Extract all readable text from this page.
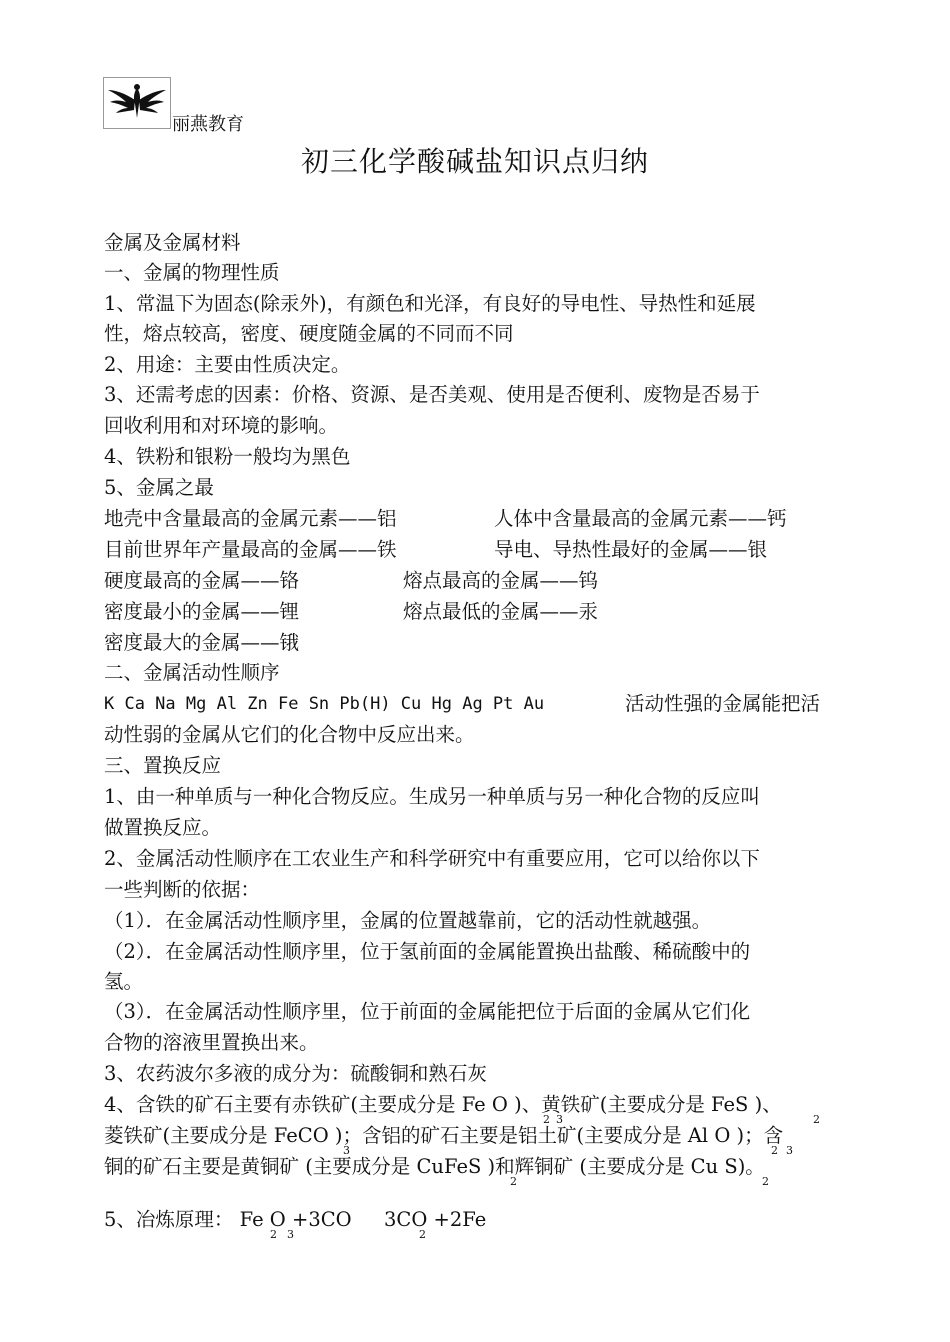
丽燕教育
初三化学酸碱盐知识点归纳
金属及金属材料
一、金属的物理性质
1、常温下为固态(除汞外)，有颜色和光泽，有良好的导电性、导热性和延展
性，熔点较高，密度、硬度随金属的不同而不同
2、用途：主要由性质决定。
3、还需考虑的因素：价格、资源、是否美观、使用是否便利、废物是否易于
回收利用和对环境的影响。
4、铁粉和银粉一般均为黑色
5、金属之最
地壳中含量最高的金属元素——铝	人体中含量最高的金属元素——钙
目前世界年产量最高的金属——铁	导电、导热性最好的金属——银
硬度最高的金属——铬	熔点最高的金属——钨
密度最小的金属——锂	熔点最低的金属——汞
密度最大的金属——锇
二、金属活动性顺序
K Ca Na Mg Al Zn Fe Sn Pb(H) Cu Hg Ag Pt Au	活动性强的金属能把活
动性弱的金属从它们的化合物中反应出来。
三、置换反应
1、由一种单质与一种化合物反应。生成另一种单质与另一种化合物的反应叫
做置换反应。
2、金属活动性顺序在工农业生产和科学研究中有重要应用，它可以给你以下
一些判断的依据：
（1）．在金属活动性顺序里，金属的位置越靠前，它的活动性就越强。
（2）．在金属活动性顺序里，位于氢前面的金属能置换出盐酸、稀硫酸中的
氢。
（3）．在金属活动性顺序里，位于前面的金属能把位于后面的金属从它们化
合物的溶液里置换出来。
3、农药波尔多液的成分为：硫酸铜和熟石灰
4、含铁的矿石主要有赤铁矿(主要成分是 Fe O )、黄铁矿(主要成分是 FeS )、
菱铁矿(主要成分是 FeCO )；含铝的矿石主要是铝土矿(主要成分是 Al O )；含
铜的矿石主要是黄铜矿 (主要成分是 CuFeS )和辉铜矿 (主要成分是 Cu S)。
2 3	2
3	2 3
2	2
5、冶炼原理： Fe O +3CO 3CO +2Fe
2 3	2
